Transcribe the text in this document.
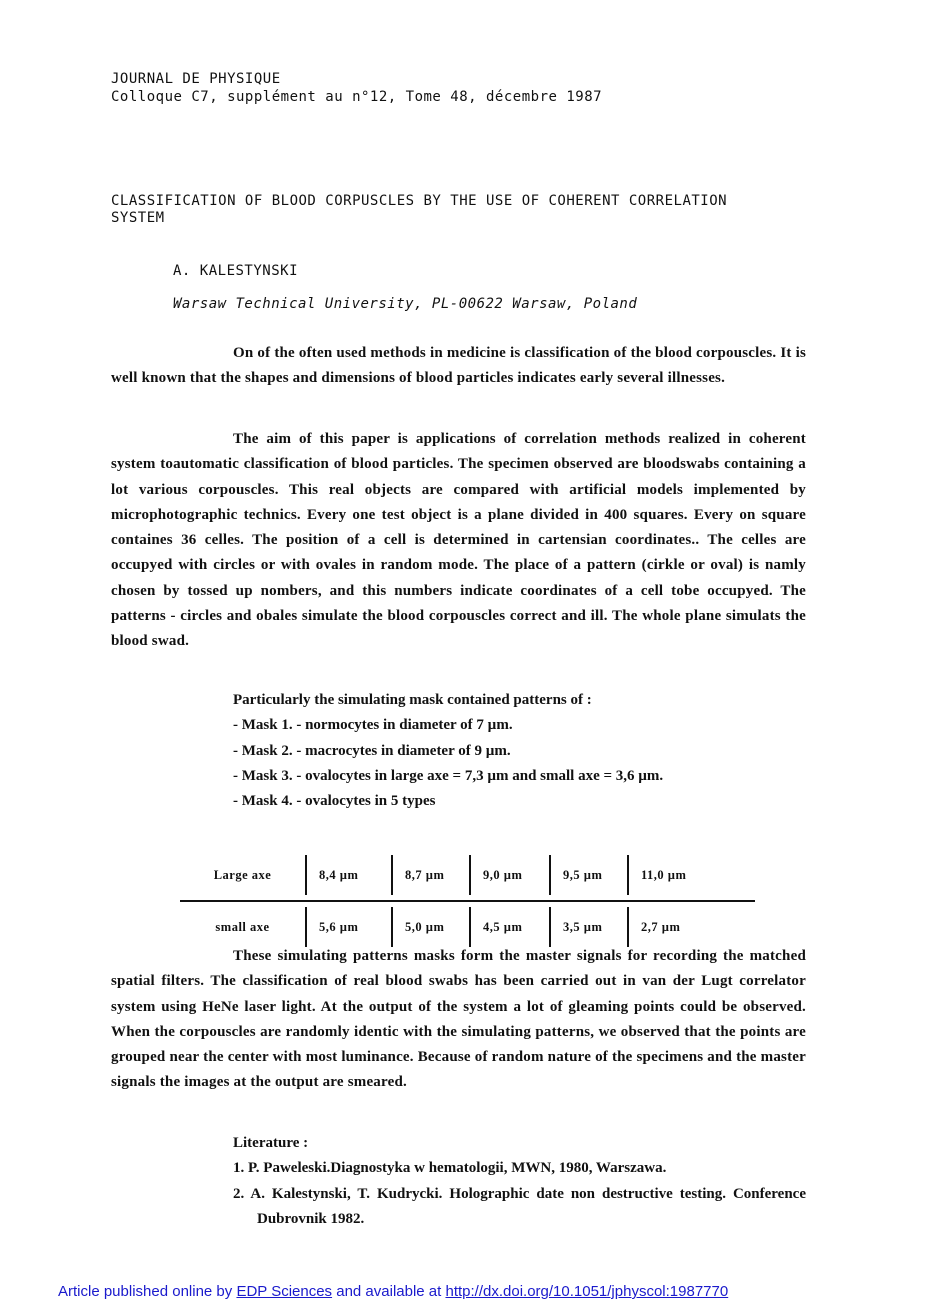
JOURNAL DE PHYSIQUE
Colloque C7, supplément au n°12, Tome 48, décembre 1987
CLASSIFICATION OF BLOOD CORPUSCLES BY THE USE OF COHERENT CORRELATION
SYSTEM
A. KALESTYNSKI
Warsaw Technical University, PL-00622 Warsaw, Poland
On of the often used methods in medicine is classification of the blood corpouscles. It is well known that the shapes and dimensions of blood particles indicates early several illnesses.
The aim of this paper is applications of correlation methods realized in coherent system toautomatic classification of blood particles. The specimen observed are bloodswabs containing a lot various corpouscles. This real objects are compared with artificial models implemented by microphotographic technics. Every one test object is a plane divided in 400 squares. Every on square containes 36 celles. The position of a cell is determined in cartensian coordinates.. The celles are occupyed with circles or with ovales in random mode. The place of a pattern (cirkle or oval) is namly chosen by tossed up nombers, and this numbers indicate coordinates of a cell tobe occupyed. The patterns - circles and obales simulate the blood corpouscles correct and ill. The whole plane simulats the blood swad.
Particularly the simulating mask contained patterns of :
- Mask 1. - normocytes in diameter of 7 µm.
- Mask 2. - macrocytes in diameter of 9 µm.
- Mask 3. - ovalocytes in large axe = 7,3 µm and small axe = 3,6 µm.
- Mask 4. - ovalocytes in 5 types
Large axe	8,4 µm	8,7 µm	9,0 µm	9,5 µm	11,0 µm
small axe	5,6 µm	5,0 µm	4,5 µm	3,5 µm	2,7 µm
These simulating patterns masks form the master signals for recording the matched spatial filters. The classification of real blood swabs has been carried out in van der Lugt correlator system using HeNe laser light. At the output of the system a lot of gleaming points could be observed. When the corpouscles are randomly identic with the simulating patterns, we observed that the points are grouped near the center with most luminance. Because of random nature of the specimens and the master signals the images at the output are smeared.
Literature :
1. P. Paweleski.Diagnostyka w hematologii, MWN, 1980, Warszawa.
2. A. Kalestynski, T. Kudrycki. Holographic date non destructive testing. Conference Dubrovnik 1982.
Article published online by EDP Sciences and available at http://dx.doi.org/10.1051/jphyscol:1987770
